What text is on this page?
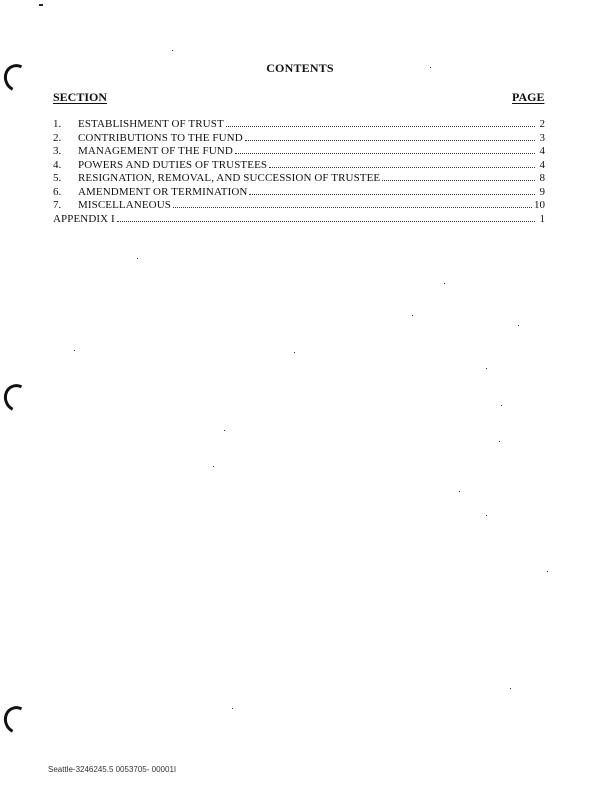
CONTENTS
SECTION	PAGE
1.	ESTABLISHMENT OF TRUST	2
2.	CONTRIBUTIONS TO THE FUND	3
3.	MANAGEMENT OF THE FUND	4
4.	POWERS AND DUTIES OF TRUSTEES	4
5.	RESIGNATION, REMOVAL, AND SUCCESSION OF TRUSTEE	8
6.	AMENDMENT OR TERMINATION	9
7.	MISCELLANEOUS	10
APPENDIX I	1
Seattle-3246245.5 0053705- 00001I
